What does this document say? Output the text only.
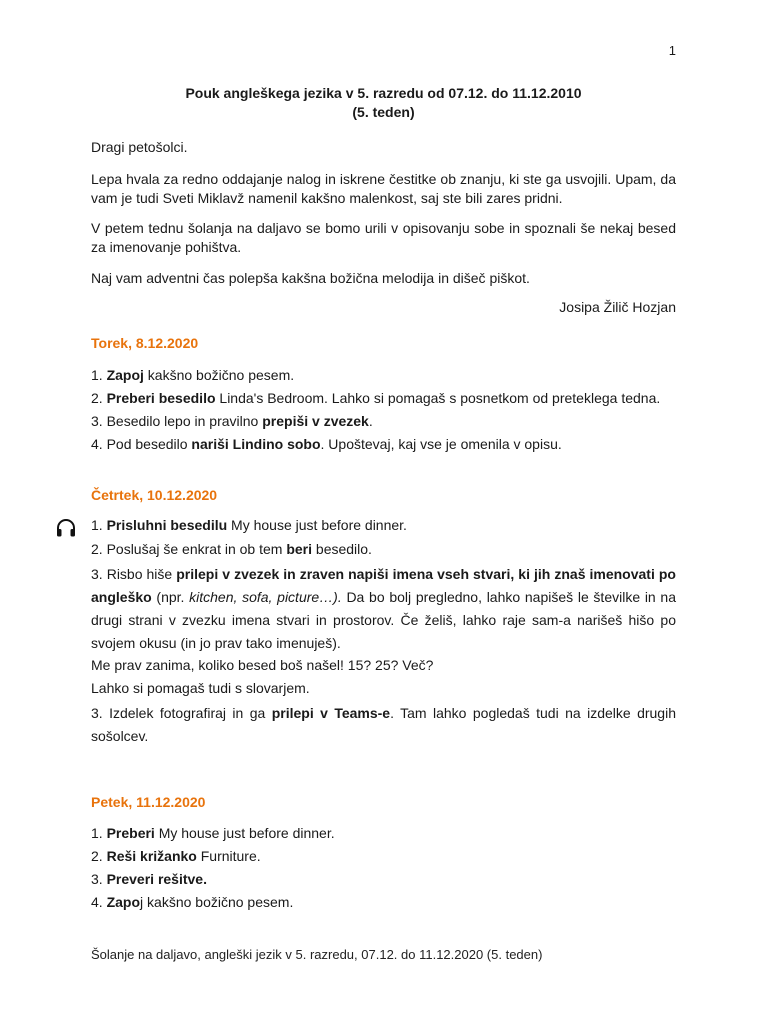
1
Pouk angleškega jezika v 5. razredu od 07.12. do 11.12.2010
(5. teden)
Dragi petošolci.
Lepa hvala za redno oddajanje nalog in iskrene čestitke ob znanju, ki ste ga usvojili. Upam, da vam je tudi Sveti Miklavž namenil kakšno malenkost, saj ste bili zares pridni.
V petem tednu šolanja na daljavo se bomo urili v opisovanju sobe in spoznali še nekaj besed za imenovanje pohištva.
Naj vam adventni čas polepša kakšna božična melodija in dišeč piškot.
Josipa Žilič Hozjan
Torek, 8.12.2020
1. Zapoj kakšno božično pesem.
2. Preberi besedilo Linda's Bedroom. Lahko si pomagaš s posnetkom od preteklega tedna.
3. Besedilo lepo in pravilno prepiši v zvezek.
4. Pod besedilo nariši Lindino sobo. Upoštevaj, kaj vse je omenila v opisu.
Četrtek, 10.12.2020
1. Prisluhni besedilu My house just before dinner.
2. Poslušaj še enkrat in ob tem beri besedilo.
3. Risbo hiše prilepi v zvezek in zraven napiši imena vseh stvari, ki jih znaš imenovati po angleško (npr. kitchen, sofa, picture…). Da bo bolj pregledno, lahko napišeš le številke in na drugi strani v zvezku imena stvari in prostorov. Če želiš, lahko raje sam-a narišeš hišo po svojem okusu (in jo prav tako imenuješ).
Me prav zanima, koliko besed boš našel! 15? 25? Več?
Lahko si pomagaš tudi s slovarjem.
3. Izdelek fotografiraj in ga prilepi v Teams-e. Tam lahko pogledaš tudi na izdelke drugih sošolcev.
Petek, 11.12.2020
1. Preberi My house just before dinner.
2. Reši križanko Furniture.
3. Preveri rešitve.
4. Zapoj kakšno božično pesem.
Šolanje na daljavo, angleški jezik v 5. razredu, 07.12. do 11.12.2020 (5. teden)
